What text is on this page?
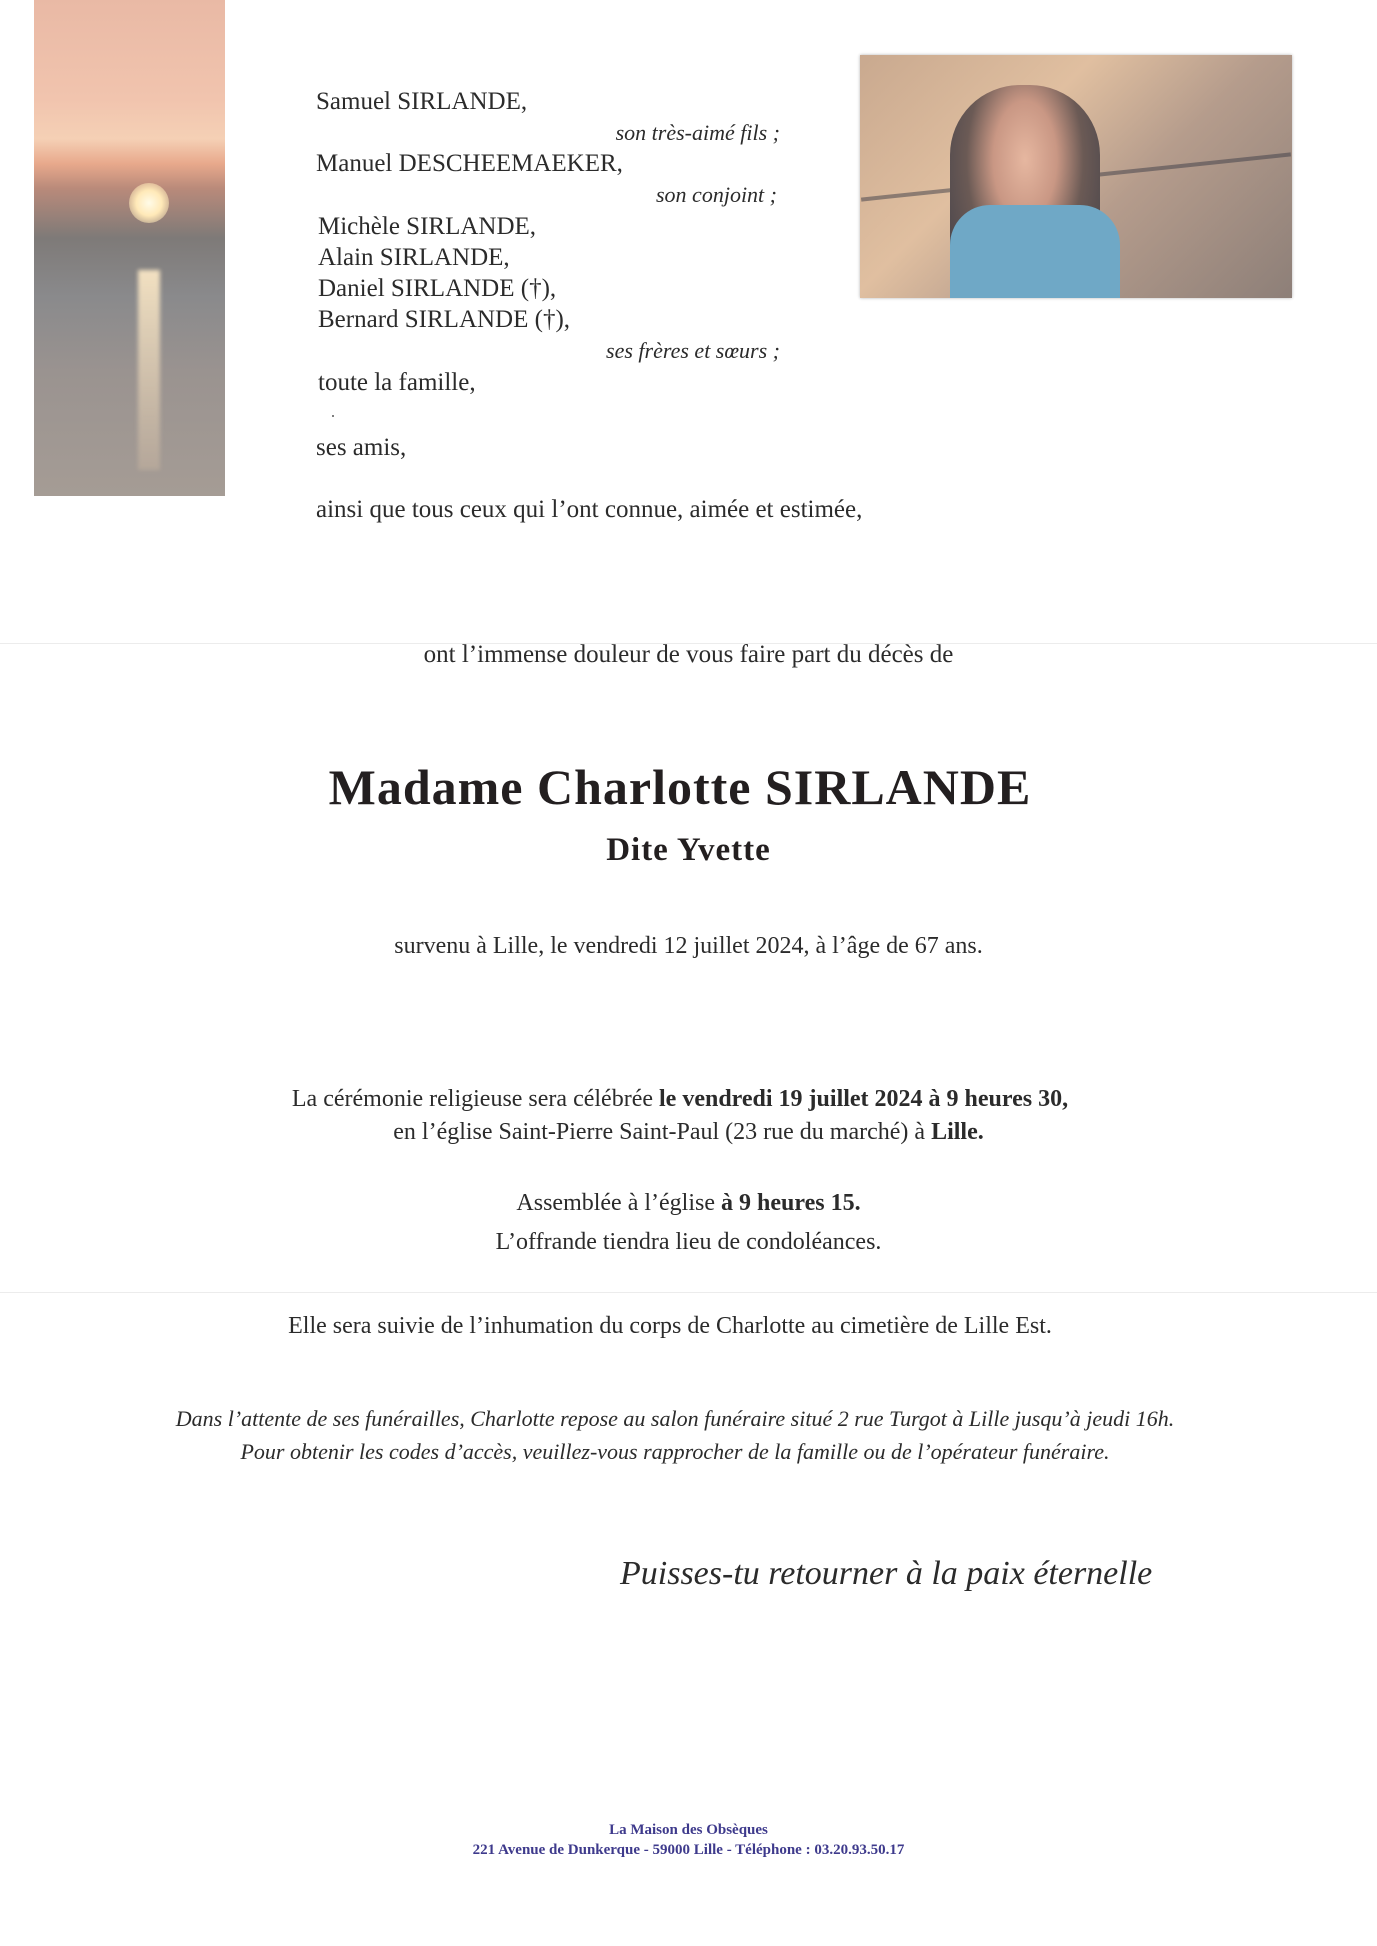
Samuel SIRLANDE,
son très-aimé fils ;
Manuel DESCHEEMAEKER,
son conjoint ;
Michèle SIRLANDE,
Alain SIRLANDE,
Daniel SIRLANDE (†),
Bernard SIRLANDE (†),
ses frères et sœurs ;
toute la famille,
ses amis,
ainsi que tous ceux qui l’ont connue, aimée et estimée,
ont l’immense douleur de vous faire part du décès de
Madame Charlotte SIRLANDE
Dite Yvette
survenu à Lille, le vendredi 12 juillet 2024, à l’âge de 67 ans.
La cérémonie religieuse sera célébrée le vendredi 19 juillet 2024 à 9 heures 30,
en l’église Saint-Pierre Saint-Paul (23 rue du marché) à Lille.
Assemblée à l’église à 9 heures 15.
L’offrande tiendra lieu de condoléances.
Elle sera suivie de l’inhumation du corps de Charlotte au cimetière de Lille Est.
Dans l’attente de ses funérailles, Charlotte repose au salon funéraire situé 2 rue Turgot à Lille jusqu’à jeudi 16h.
Pour obtenir les codes d’accès, veuillez-vous rapprocher de la famille ou de l’opérateur funéraire.
Puisses-tu retourner à la paix éternelle
La Maison des Obsèques
221 Avenue de Dunkerque - 59000 Lille - Téléphone : 03.20.93.50.17
